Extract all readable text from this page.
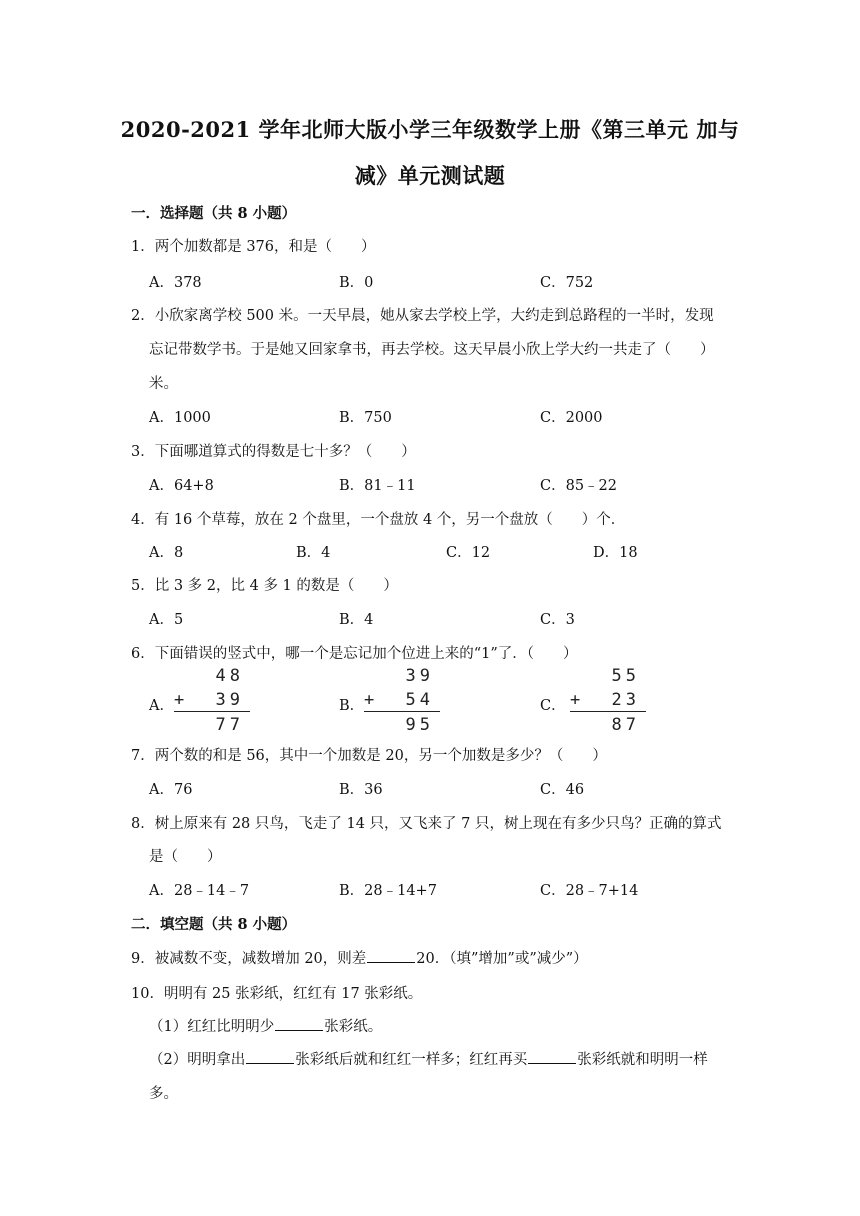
2020-2021 学年北师大版小学三年级数学上册《第三单元 加与
减》单元测试题
一．选择题（共 8 小题）
1．两个加数都是 376，和是（　　）
A．378	B．0	C．752
2．小欣家离学校 500 米。一天早晨，她从家去学校上学，大约走到总路程的一半时，发现
忘记带数学书。于是她又回家拿书，再去学校。这天早晨小欣上学大约一共走了（　　）
米。
A．1000	B．750	C．2000
3．下面哪道算式的得数是七十多？（　　）
A．64+8	B．81﹣11	C．85﹣22
4．有 16 个草莓，放在 2 个盘里，一个盘放 4 个，另一个盘放（　　）个．
A．8	B．4	C．12	D．18
5．比 3 多 2，比 4 多 1 的数是（　　）
A．5	B．4	C．3
6．下面错误的竖式中，哪一个是忘记加个位进上来的“1”了．（　　）
A．
48
+ 39
77
B．
39
+ 54
95
C．
55
+ 23
87
7．两个数的和是 56，其中一个加数是 20，另一个加数是多少？（　　）
A．76	B．36	C．46
8．树上原来有 28 只鸟，飞走了 14 只，又飞来了 7 只，树上现在有多少只鸟？正确的算式
是（　　）
A．28﹣14﹣7	B．28﹣14+7	C．28﹣7+14
二．填空题（共 8 小题）
9．被减数不变，减数增加 20，则差	20．（填”增加”或”减少”）
10．明明有 25 张彩纸，红红有 17 张彩纸。
（1）红红比明明少	张彩纸。
（2）明明拿出	张彩纸后就和红红一样多；红红再买	张彩纸就和明明一样
多。
